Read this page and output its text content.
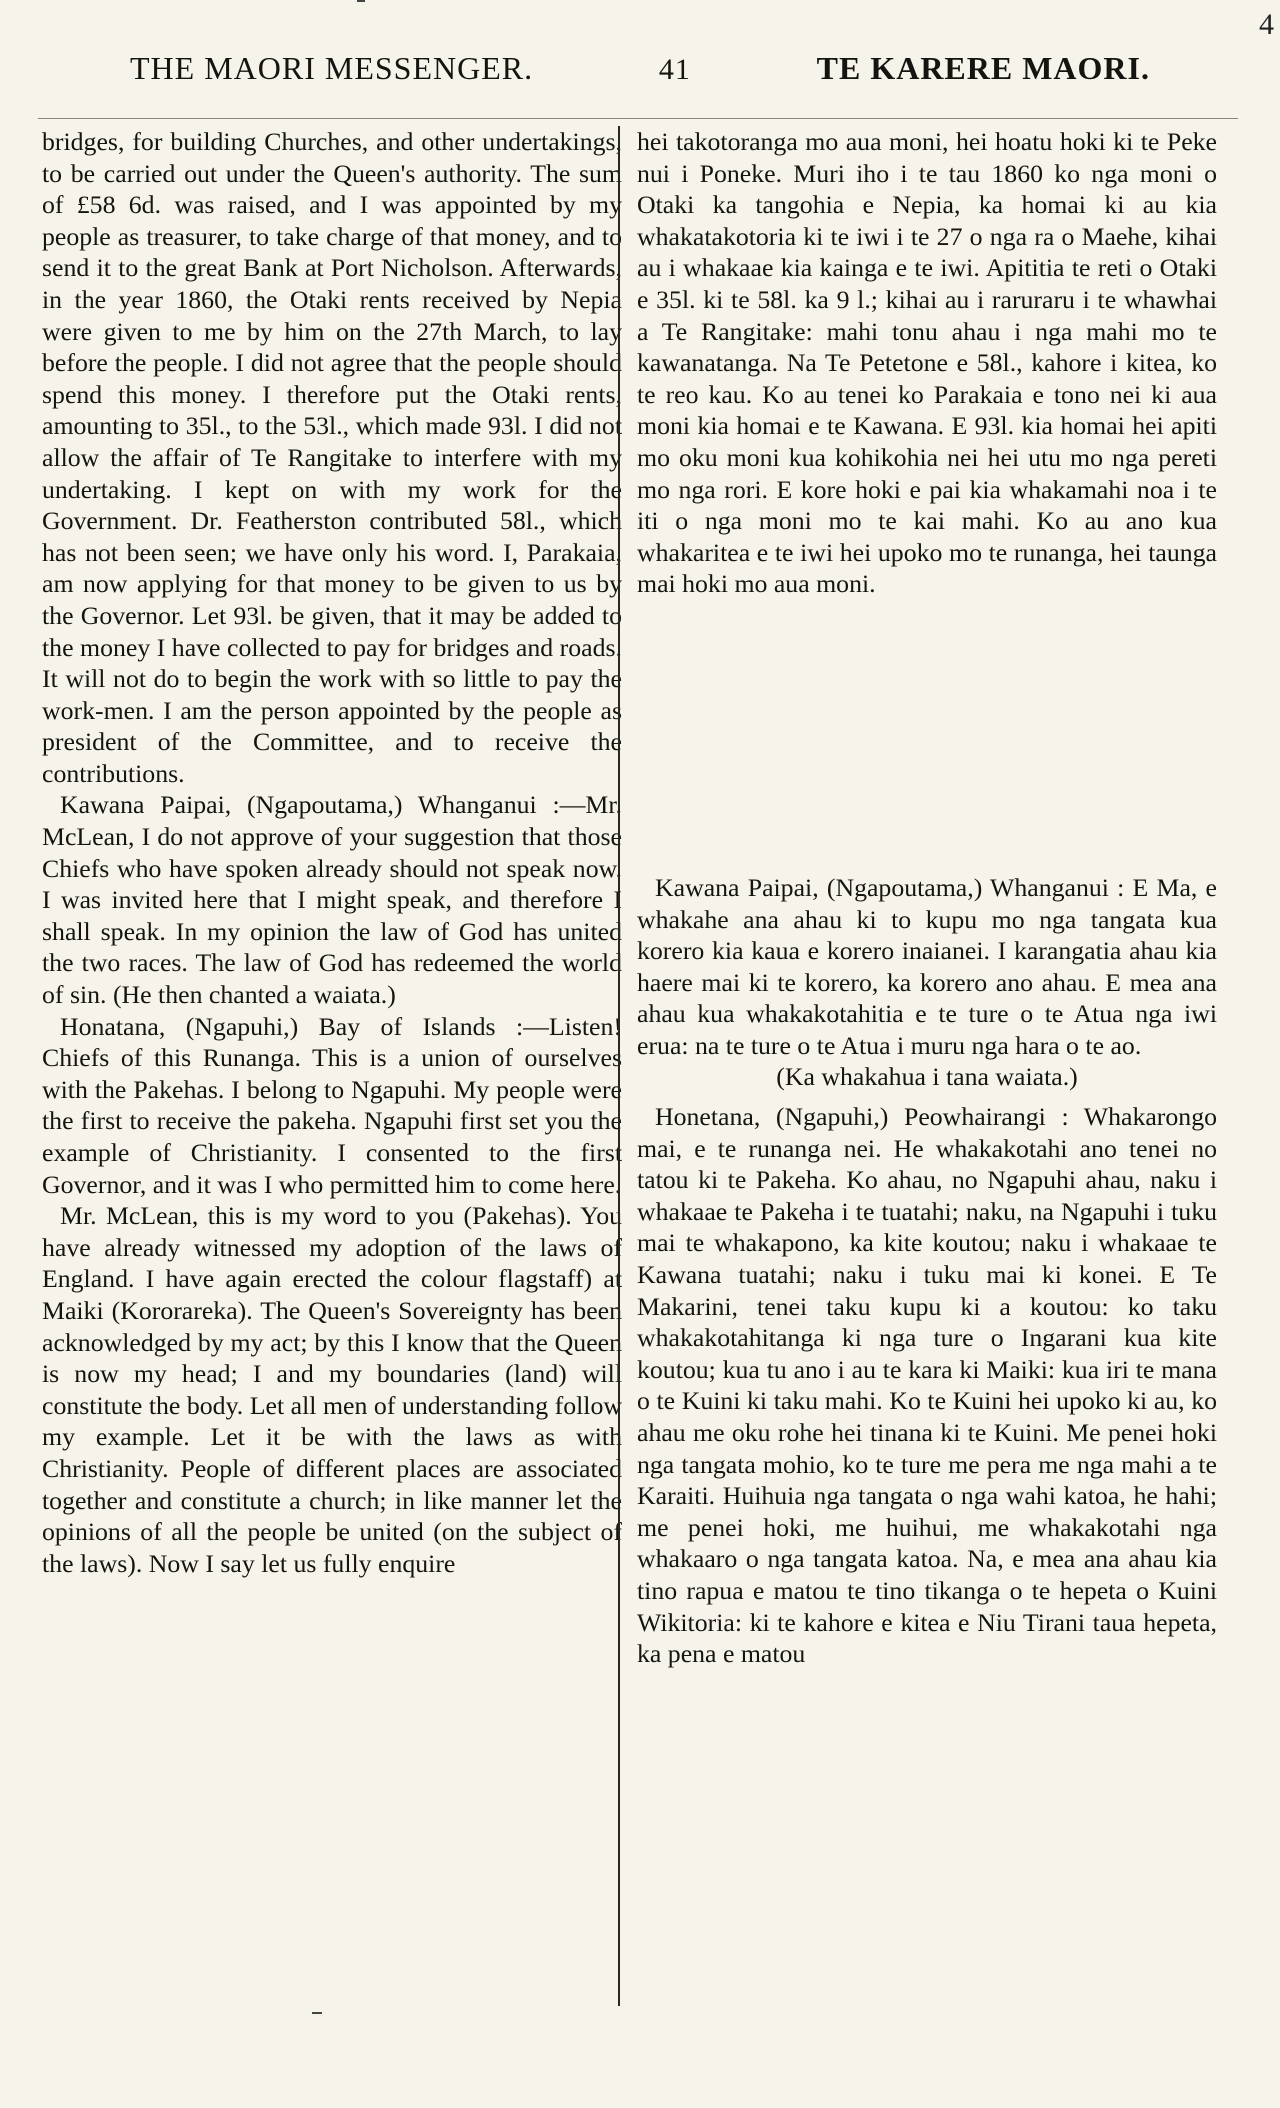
4
THE MAORI MESSENGER.	41	TE KARERE MAORI.

bridges, for building Churches, and other undertakings, to be carried out under the Queen's authority. The sum of £58 6d. was raised, and I was appointed by my people as treasurer, to take charge of that money, and to send it to the great Bank at Port Nicholson. Afterwards, in the year 1860, the Otaki rents received by Nepia were given to me by him on the 27th March, to lay before the people. I did not agree that the people should spend this money. I therefore put the Otaki rents, amounting to 35l., to the 53l., which made 93l. I did not allow the affair of Te Rangitake to interfere with my undertaking. I kept on with my work for the Government. Dr. Featherston contributed 58l., which has not been seen; we have only his word. I, Parakaia, am now applying for that money to be given to us by the Governor. Let 93l. be given, that it may be added to the money I have collected to pay for bridges and roads. It will not do to begin the work with so little to pay the work-men. I am the person appointed by the people as president of the Committee, and to receive the contributions.

Kawana Paipai, (Ngapoutama,) Whanganui :—Mr. McLean, I do not approve of your suggestion that those Chiefs who have spoken already should not speak now. I was invited here that I might speak, and therefore I shall speak. In my opinion the law of God has united the two races. The law of God has redeemed the world of sin. (He then chanted a waiata.)

Honatana, (Ngapuhi,) Bay of Islands :—Listen! Chiefs of this Runanga. This is a union of ourselves with the Pakehas. I belong to Ngapuhi. My people were the first to receive the pakeha. Ngapuhi first set you the example of Christianity. I consented to the first Governor, and it was I who permitted him to come here.

Mr. McLean, this is my word to you (Pakehas). You have already witnessed my adoption of the laws of England. I have again erected the colour flagstaff) at Maiki (Kororareka). The Queen's Sovereignty has been acknowledged by my act; by this I know that the Queen is now my head; I and my boundaries (land) will constitute the body. Let all men of understanding follow my example. Let it be with the laws as with Christianity. People of different places are associated together and constitute a church; in like manner let the opinions of all the people be united (on the subject of the laws). Now I say let us fully enquire

hei takotoranga mo aua moni, hei hoatu hoki ki te Peke nui i Poneke. Muri iho i te tau 1860 ko nga moni o Otaki ka tangohia e Nepia, ka homai ki au kia whakatakotoria ki te iwi i te 27 o nga ra o Maehe, kihai au i whakaae kia kainga e te iwi. Apititia te reti o Otaki e 35l. ki te 58l. ka 9 l.; kihai au i raruraru i te whawhai a Te Rangitake: mahi tonu ahau i nga mahi mo te kawanatanga. Na Te Petetone e 58l., kahore i kitea, ko te reo kau. Ko au tenei ko Parakaia e tono nei ki aua moni kia homai e te Kawana. E 93l. kia homai hei apiti mo oku moni kua kohikohia nei hei utu mo nga pereti mo nga rori. E kore hoki e pai kia whakamahi noa i te iti o nga moni mo te kai mahi. Ko au ano kua whakaritea e te iwi hei upoko mo te runanga, hei taunga mai hoki mo aua moni.

Kawana Paipai, (Ngapoutama,) Whanganui : E Ma, e whakahe ana ahau ki to kupu mo nga tangata kua korero kia kaua e korero inaianei. I karangatia ahau kia haere mai ki te korero, ka korero ano ahau. E mea ana ahau kua whakakotahitia e te ture o te Atua nga iwi erua: na te ture o te Atua i muru nga hara o te ao.

(Ka whakahua i tana waiata.)

Honetana, (Ngapuhi,) Peowhairangi : Whakarongo mai, e te runanga nei. He whakakotahi ano tenei no tatou ki te Pakeha. Ko ahau, no Ngapuhi ahau, naku i whakaae te Pakeha i te tuatahi; naku, na Ngapuhi i tuku mai te whakapono, ka kite koutou; naku i whakaae te Kawana tuatahi; naku i tuku mai ki konei. E Te Makarini, tenei taku kupu ki a koutou: ko taku whakakotahitanga ki nga ture o Ingarani kua kite koutou; kua tu ano i au te kara ki Maiki: kua iri te mana o te Kuini ki taku mahi. Ko te Kuini hei upoko ki au, ko ahau me oku rohe hei tinana ki te Kuini. Me penei hoki nga tangata mohio, ko te ture me pera me nga mahi a te Karaiti. Huihuia nga tangata o nga wahi katoa, he hahi; me penei hoki, me huihui, me whakakotahi nga whakaaro o nga tangata katoa. Na, e mea ana ahau kia tino rapua e matou te tino tikanga o te hepeta o Kuini Wikitoria: ki te kahore e kitea e Niu Tirani taua hepeta, ka pena e matou
